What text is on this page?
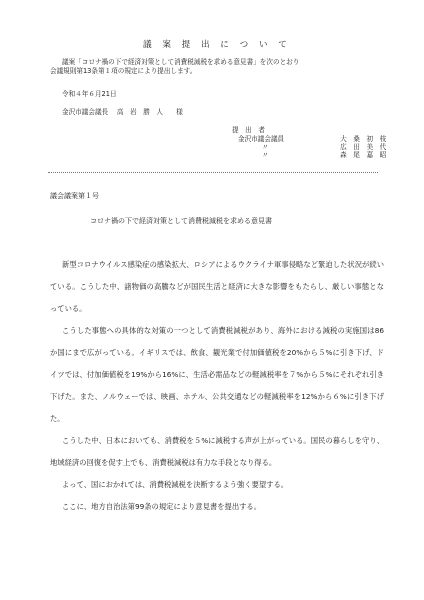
議 案 提 出 に つ い て

議案「コロナ禍の下で経済対策として消費税減税を求める意見書」を次のとおり

会議規則第13条第１項の規定により提出します。

令和４年６月21日
金沢市議会議長　 高　岩　勝　人　　様
提　出　者
金沢市議会議員	大　桑　初　枝
〃	広　田　美　代
〃	森　尾　嘉　昭
議会議案第１号
コロナ禍の下で経済対策として消費税減税を求める意見書

新型コロナウイルス感染症の感染拡大、ロシアによるウクライナ軍事侵略など緊迫した状況が続いている。こうした中、諸物価の高騰などが国民生活と経済に大きな影響をもたらし、厳しい事態となっている。

こうした事態への具体的な対策の一つとして消費税減税があり、海外における減税の実施国は86か国にまで広がっている。イギリスでは、飲食、観光業で付加価値税を20%から５%に引き下げ、ドイツでは、付加価値税を19%から16%に、生活必需品などの軽減税率を７%から５%にそれぞれ引き下げた。また、ノルウェーでは、映画、ホテル、公共交通などの軽減税率を12%から６%に引き下げた。

こうした中、日本においても、消費税を５%に減税する声が上がっている。国民の暮らしを守り、地域経済の回復を促す上でも、消費税減税は有力な手段となり得る。

よって、国におかれては、消費税減税を決断するよう強く要望する。

ここに、地方自治法第99条の規定により意見書を提出する。
